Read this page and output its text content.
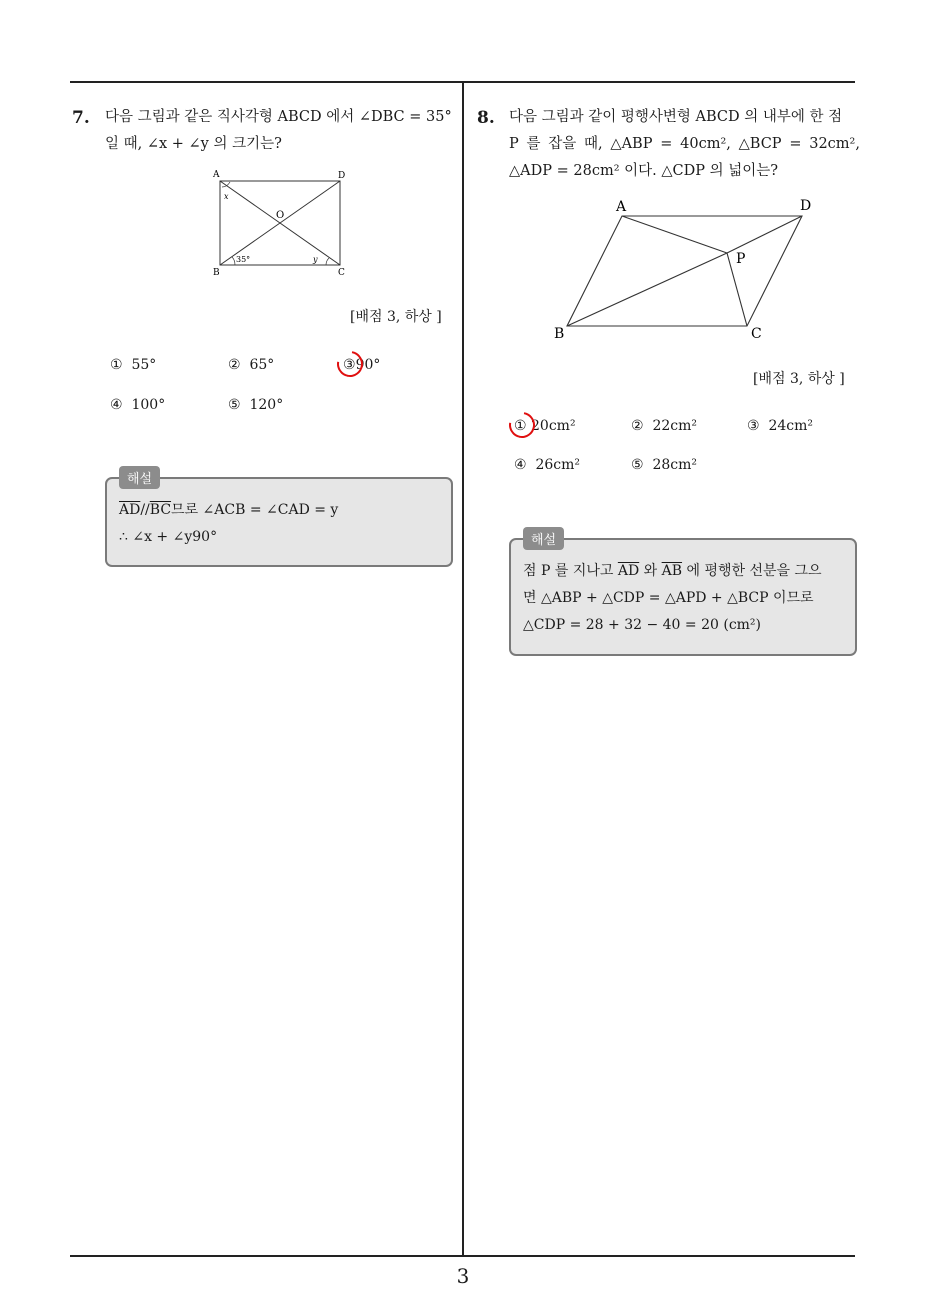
7. 다음 그림과 같은 직사각형 ABCD 에서 ∠DBC = 35°

일 때, ∠x + ∠y 의 크기는?

A	D
B	C
O
x
35°	y
[배점 3, 하상 ]
① 55°	② 65°	③90°
④ 100°	⑤ 120°
해설

$\overline{AD}//\overline{BC}$므로 ∠ACB = ∠CAD = y

∴ ∠x + ∠y90°

8. 다음 그림과 같이 평행사변형 ABCD 의 내부에 한 점

P 를 잡을 때, △ABP = 40cm², △BCP = 32cm²,

△ADP = 28cm² 이다. △CDP 의 넓이는?

A	D
B	C
P
[배점 3, 하상 ]
① 20cm²	② 22cm²	③ 24cm²
④ 26cm²	⑤ 28cm²
해설

점 P 를 지나고 $\overline{AD}$ 와 $\overline{AB}$ 에 평행한 선분을 그으

면 △ABP + △CDP = △APD + △BCP 이므로

△CDP = 28 + 32 − 40 = 20 (cm²)

3
